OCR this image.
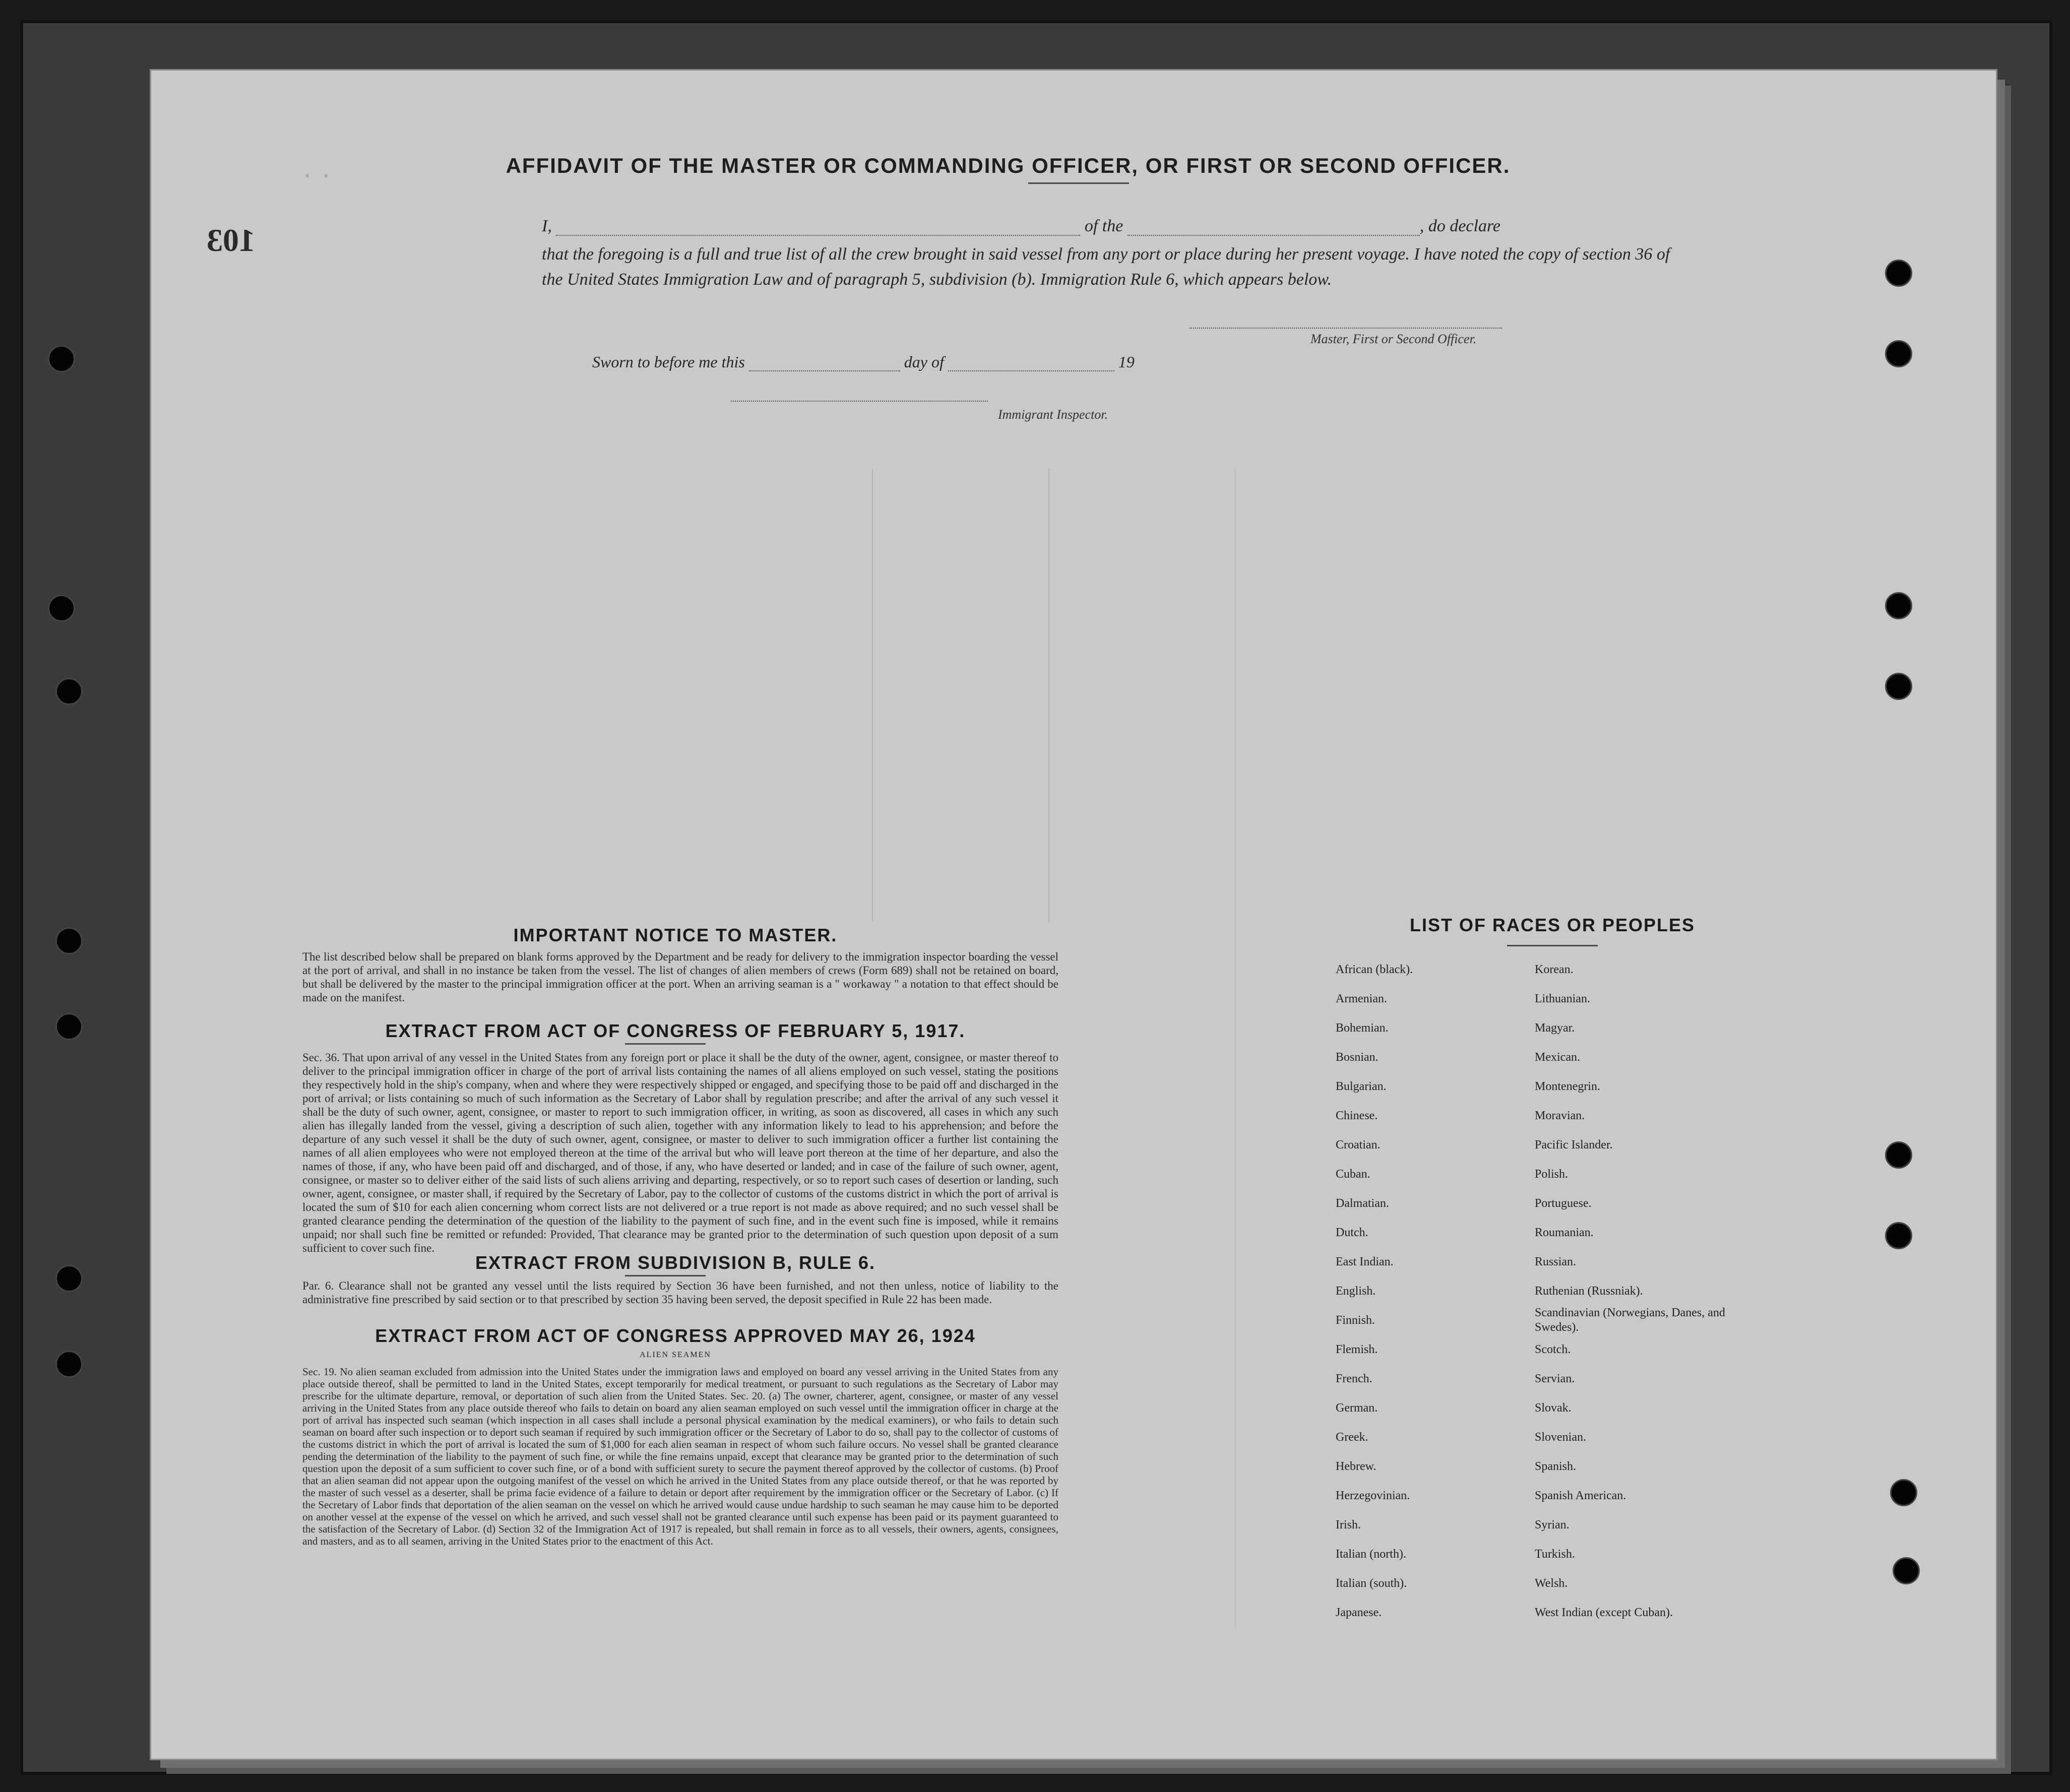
· ·
103
AFFIDAVIT OF THE MASTER OR COMMANDING OFFICER, OR FIRST OR SECOND OFFICER.
I,	of the	, do declare
that the foregoing is a full and true list of all the crew brought in said vessel from any port or place during her present voyage. I have noted the copy of section 36 of the United States Immigration Law and of paragraph 5, subdivision (b). Immigration Rule 6, which appears below.
Master, First or Second Officer.
Sworn to before me this	day of	19
Immigrant Inspector.
IMPORTANT NOTICE TO MASTER.
The list described below shall be prepared on blank forms approved by the Department and be ready for delivery to the immigration inspector boarding the vessel at the port of arrival, and shall in no instance be taken from the vessel. The list of changes of alien members of crews (Form 689) shall not be retained on board, but shall be delivered by the master to the principal immigration officer at the port. When an arriving seaman is a " workaway " a notation to that effect should be made on the manifest.
EXTRACT FROM ACT OF CONGRESS OF FEBRUARY 5, 1917.
Sec. 36. That upon arrival of any vessel in the United States from any foreign port or place it shall be the duty of the owner, agent, consignee, or master thereof to deliver to the principal immigration officer in charge of the port of arrival lists containing the names of all aliens employed on such vessel, stating the positions they respectively hold in the ship's company, when and where they were respectively shipped or engaged, and specifying those to be paid off and discharged in the port of arrival; or lists containing so much of such information as the Secretary of Labor shall by regulation prescribe; and after the arrival of any such vessel it shall be the duty of such owner, agent, consignee, or master to report to such immigration officer, in writing, as soon as discovered, all cases in which any such alien has illegally landed from the vessel, giving a description of such alien, together with any information likely to lead to his apprehension; and before the departure of any such vessel it shall be the duty of such owner, agent, consignee, or master to deliver to such immigration officer a further list containing the names of all alien employees who were not employed thereon at the time of the arrival but who will leave port thereon at the time of her departure, and also the names of those, if any, who have been paid off and discharged, and of those, if any, who have deserted or landed; and in case of the failure of such owner, agent, consignee, or master so to deliver either of the said lists of such aliens arriving and departing, respectively, or so to report such cases of desertion or landing, such owner, agent, consignee, or master shall, if required by the Secretary of Labor, pay to the collector of customs of the customs district in which the port of arrival is located the sum of $10 for each alien concerning whom correct lists are not delivered or a true report is not made as above required; and no such vessel shall be granted clearance pending the determination of the question of the liability to the payment of such fine, and in the event such fine is imposed, while it remains unpaid; nor shall such fine be remitted or refunded: Provided, That clearance may be granted prior to the determination of such question upon deposit of a sum sufficient to cover such fine.
EXTRACT FROM SUBDIVISION B, RULE 6.
Par. 6. Clearance shall not be granted any vessel until the lists required by Section 36 have been furnished, and not then unless, notice of liability to the administrative fine prescribed by said section or to that prescribed by section 35 having been served, the deposit specified in Rule 22 has been made.
EXTRACT FROM ACT OF CONGRESS APPROVED MAY 26, 1924
ALIEN SEAMEN
Sec. 19. No alien seaman excluded from admission into the United States under the immigration laws and employed on board any vessel arriving in the United States from any place outside thereof, shall be permitted to land in the United States, except temporarily for medical treatment, or pursuant to such regulations as the Secretary of Labor may prescribe for the ultimate departure, removal, or deportation of such alien from the United States. Sec. 20. (a) The owner, charterer, agent, consignee, or master of any vessel arriving in the United States from any place outside thereof who fails to detain on board any alien seaman employed on such vessel until the immigration officer in charge at the port of arrival has inspected such seaman (which inspection in all cases shall include a personal physical examination by the medical examiners), or who fails to detain such seaman on board after such inspection or to deport such seaman if required by such immigration officer or the Secretary of Labor to do so, shall pay to the collector of customs of the customs district in which the port of arrival is located the sum of $1,000 for each alien seaman in respect of whom such failure occurs. No vessel shall be granted clearance pending the determination of the liability to the payment of such fine, or while the fine remains unpaid, except that clearance may be granted prior to the determination of such question upon the deposit of a sum sufficient to cover such fine, or of a bond with sufficient surety to secure the payment thereof approved by the collector of customs. (b) Proof that an alien seaman did not appear upon the outgoing manifest of the vessel on which he arrived in the United States from any place outside thereof, or that he was reported by the master of such vessel as a deserter, shall be prima facie evidence of a failure to detain or deport after requirement by the immigration officer or the Secretary of Labor. (c) If the Secretary of Labor finds that deportation of the alien seaman on the vessel on which he arrived would cause undue hardship to such seaman he may cause him to be deported on another vessel at the expense of the vessel on which he arrived, and such vessel shall not be granted clearance until such expense has been paid or its payment guaranteed to the satisfaction of the Secretary of Labor. (d) Section 32 of the Immigration Act of 1917 is repealed, but shall remain in force as to all vessels, their owners, agents, consignees, and masters, and as to all seamen, arriving in the United States prior to the enactment of this Act.
LIST OF RACES OR PEOPLES
African (black).
Armenian.
Bohemian.
Bosnian.
Bulgarian.
Chinese.
Croatian.
Cuban.
Dalmatian.
Dutch.
East Indian.
English.
Finnish.
Flemish.
French.
German.
Greek.
Hebrew.
Herzegovinian.
Irish.
Italian (north).
Italian (south).
Japanese.
Korean.
Lithuanian.
Magyar.
Mexican.
Montenegrin.
Moravian.
Pacific Islander.
Polish.
Portuguese.
Roumanian.
Russian.
Ruthenian (Russniak).
Scandinavian (Norwegians, Danes, and Swedes).
Scotch.
Servian.
Slovak.
Slovenian.
Spanish.
Spanish American.
Syrian.
Turkish.
Welsh.
West Indian (except Cuban).
